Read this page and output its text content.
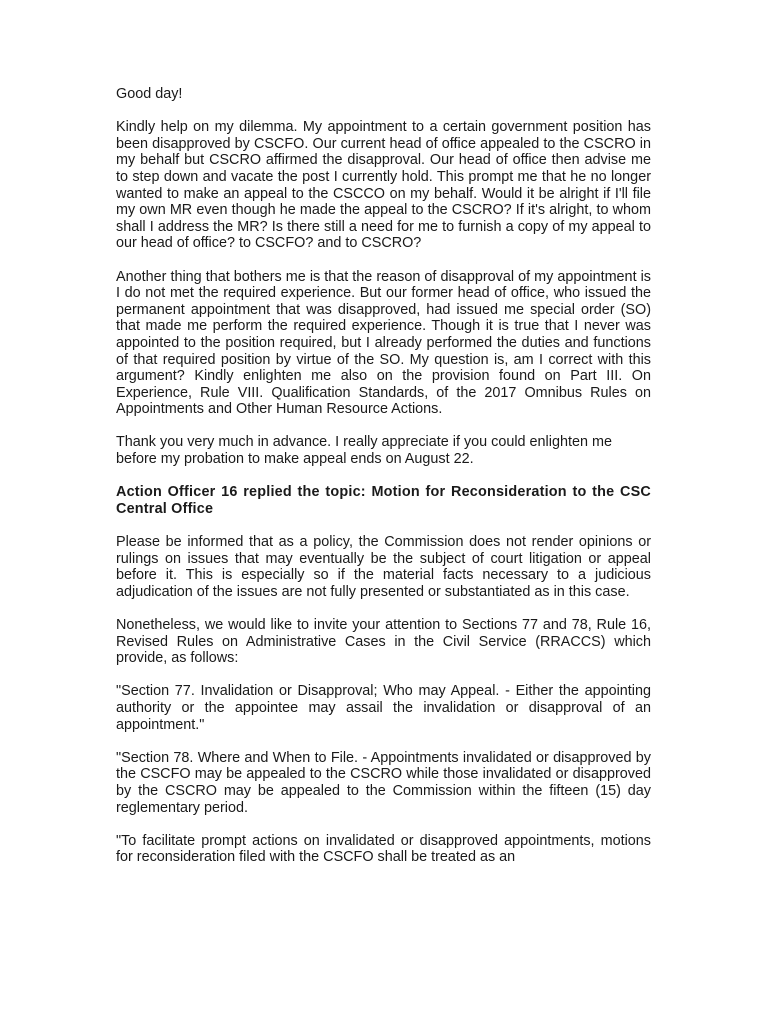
Good day!

Kindly help on my dilemma. My appointment to a certain government position has been disapproved by CSCFO. Our current head of office appealed to the CSCRO in my behalf but CSCRO affirmed the disapproval. Our head of office then advise me to step down and vacate the post I currently hold. This prompt me that he no longer wanted to make an appeal to the CSCCO on my behalf. Would it be alright if I'll file my own MR even though he made the appeal to the CSCRO? If it's alright, to whom shall I address the MR? Is there still a need for me to furnish a copy of my appeal to our head of office? to CSCFO? and to CSCRO?

Another thing that bothers me is that the reason of disapproval of my appointment is I do not met the required experience. But our former head of office, who issued the permanent appointment that was disapproved, had issued me special order (SO) that made me perform the required experience. Though it is true that I never was appointed to the position required, but I already performed the duties and functions of that required position by virtue of the SO. My question is, am I correct with this argument? Kindly enlighten me also on the provision found on Part III. On Experience, Rule VIII. Qualification Standards, of the 2017 Omnibus Rules on Appointments and Other Human Resource Actions.

Thank you very much in advance. I really appreciate if you could enlighten me before my probation to make appeal ends on August 22.

Action Officer 16 replied the topic: Motion for Reconsideration to the CSC Central Office

Please be informed that as a policy, the Commission does not render opinions or rulings on issues that may eventually be the subject of court litigation or appeal before it. This is especially so if the material facts necessary to a judicious adjudication of the issues are not fully presented or substantiated as in this case.

Nonetheless, we would like to invite your attention to Sections 77 and 78, Rule 16, Revised Rules on Administrative Cases in the Civil Service (RRACCS) which provide, as follows:

"Section 77. Invalidation or Disapproval; Who may Appeal. - Either the appointing authority or the appointee may assail the invalidation or disapproval of an appointment."

"Section 78. Where and When to File. - Appointments invalidated or disapproved by the CSCFO may be appealed to the CSCRO while those invalidated or disapproved by the CSCRO may be appealed to the Commission within the fifteen (15) day reglementary period.

"To facilitate prompt actions on invalidated or disapproved appointments, motions for reconsideration filed with the CSCFO shall be treated as an
